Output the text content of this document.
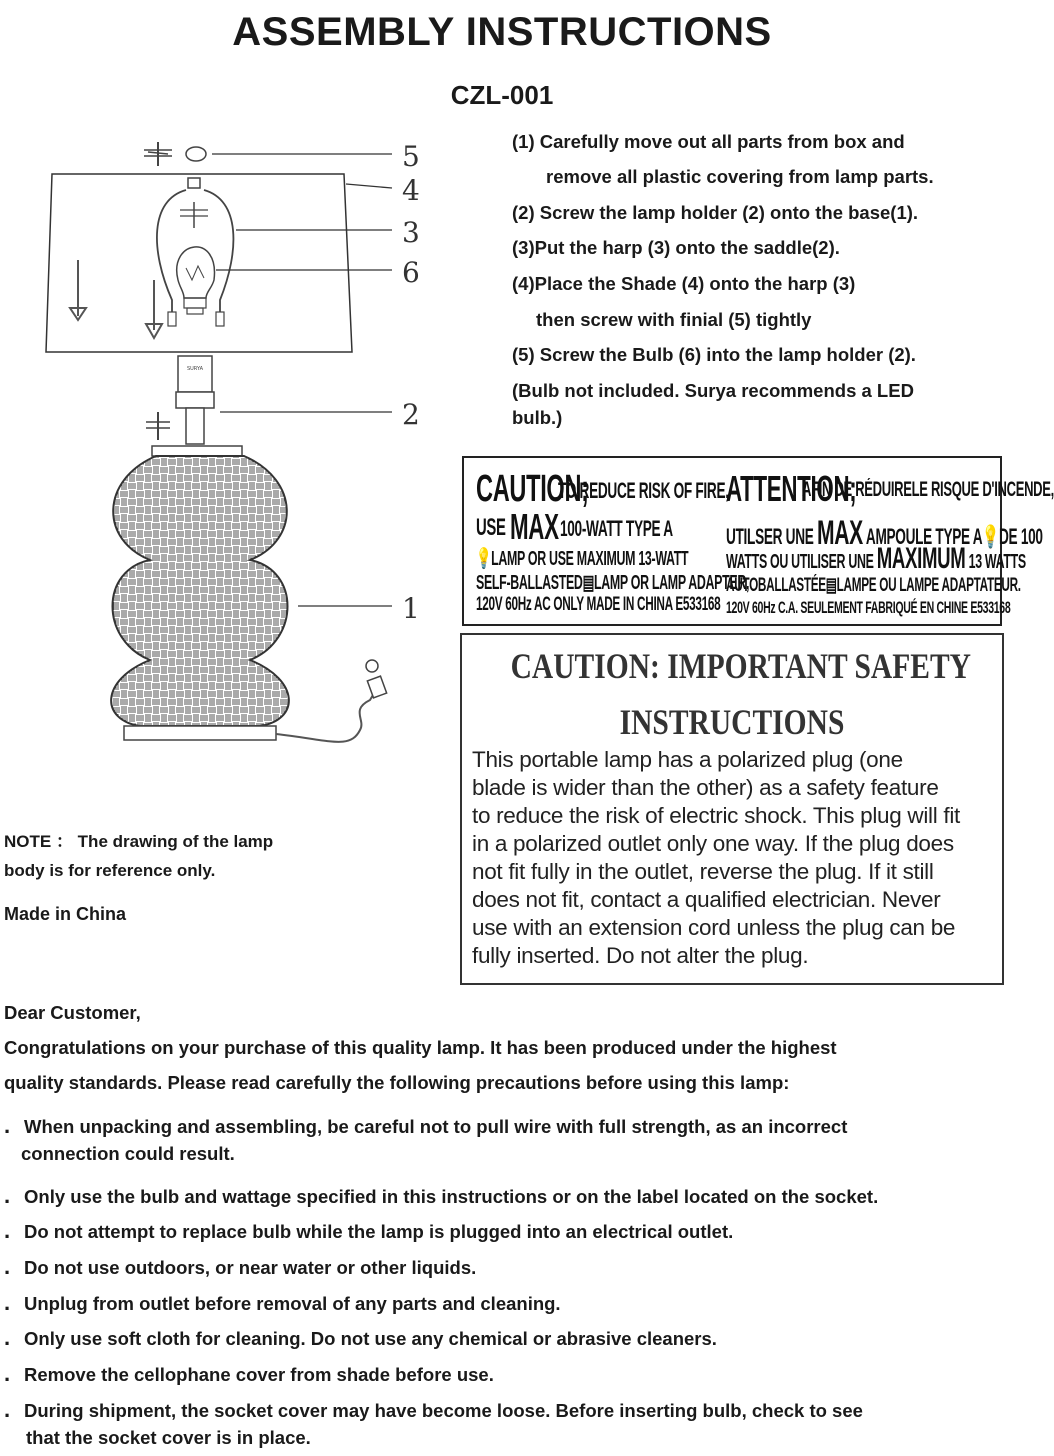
ASSEMBLY INSTRUCTIONS
CZL-001
SURYA
5
4
3
6
2
1
(1) Carefully move out all parts from box and
remove all plastic covering from lamp parts.
(2) Screw the lamp holder (2) onto the base(1).
(3)Put the harp (3) onto the saddle(2).
(4)Place the Shade (4) onto the harp (3)
then screw with finial (5) tightly
(5) Screw the Bulb (6) into the lamp holder (2).
(Bulb not included. Surya recommends a LED
bulb.)
CAUTION;
TO REDUCE RISK OF FIRE,
USE MAX 100-WATT TYPE A
💡LAMP OR USE MAXIMUM 13-WATT
SELF-BALLASTED▤LAMP OR LAMP ADAPTER,
120V 60Hz AC ONLY MADE IN CHINA E533168
ATTENTION;
AFIN DE RÉDUIRELE RISQUE D'INCENDE,
UTILSER UNE MAX AMPOULE TYPE A💡DE 100
WATTS OU UTILISER UNE MAXIMUM 13 WATTS
AUTOBALLASTÉE▤LAMPE OU LAMPE ADAPTATEUR.
120V 60Hz C.A. SEULEMENT FABRIQUÉ EN CHINE E533168
CAUTION: IMPORTANT SAFETY
INSTRUCTIONS
This portable lamp has a polarized plug (one
blade is wider than the other) as a safety feature
to reduce the risk of electric shock. This plug will fit
in a polarized outlet only one way. If the plug does
not fit fully in the outlet, reverse the plug. If it still
does not fit, contact a qualified electrician. Never
use with an extension cord unless the plug can be
fully inserted. Do not alter the plug.
NOTE ： The drawing of the lamp
body is for reference only.
Made in China
Dear Customer,
Congratulations on your purchase of this quality lamp. It has been produced under the highest
quality standards. Please read carefully the following precautions before using this lamp:
. When unpacking and assembling, be careful not to pull wire with full strength, as an incorrect
connection could result.
. Only use the bulb and wattage specified in this instructions or on the label located on the socket.
. Do not attempt to replace bulb while the lamp is plugged into an electrical outlet.
. Do not use outdoors, or near water or other liquids.
. Unplug from outlet before removal of any parts and cleaning.
. Only use soft cloth for cleaning. Do not use any chemical or abrasive cleaners.
. Remove the cellophane cover from shade before use.
. During shipment, the socket cover may have become loose. Before inserting bulb, check to see
that the socket cover is in place.
